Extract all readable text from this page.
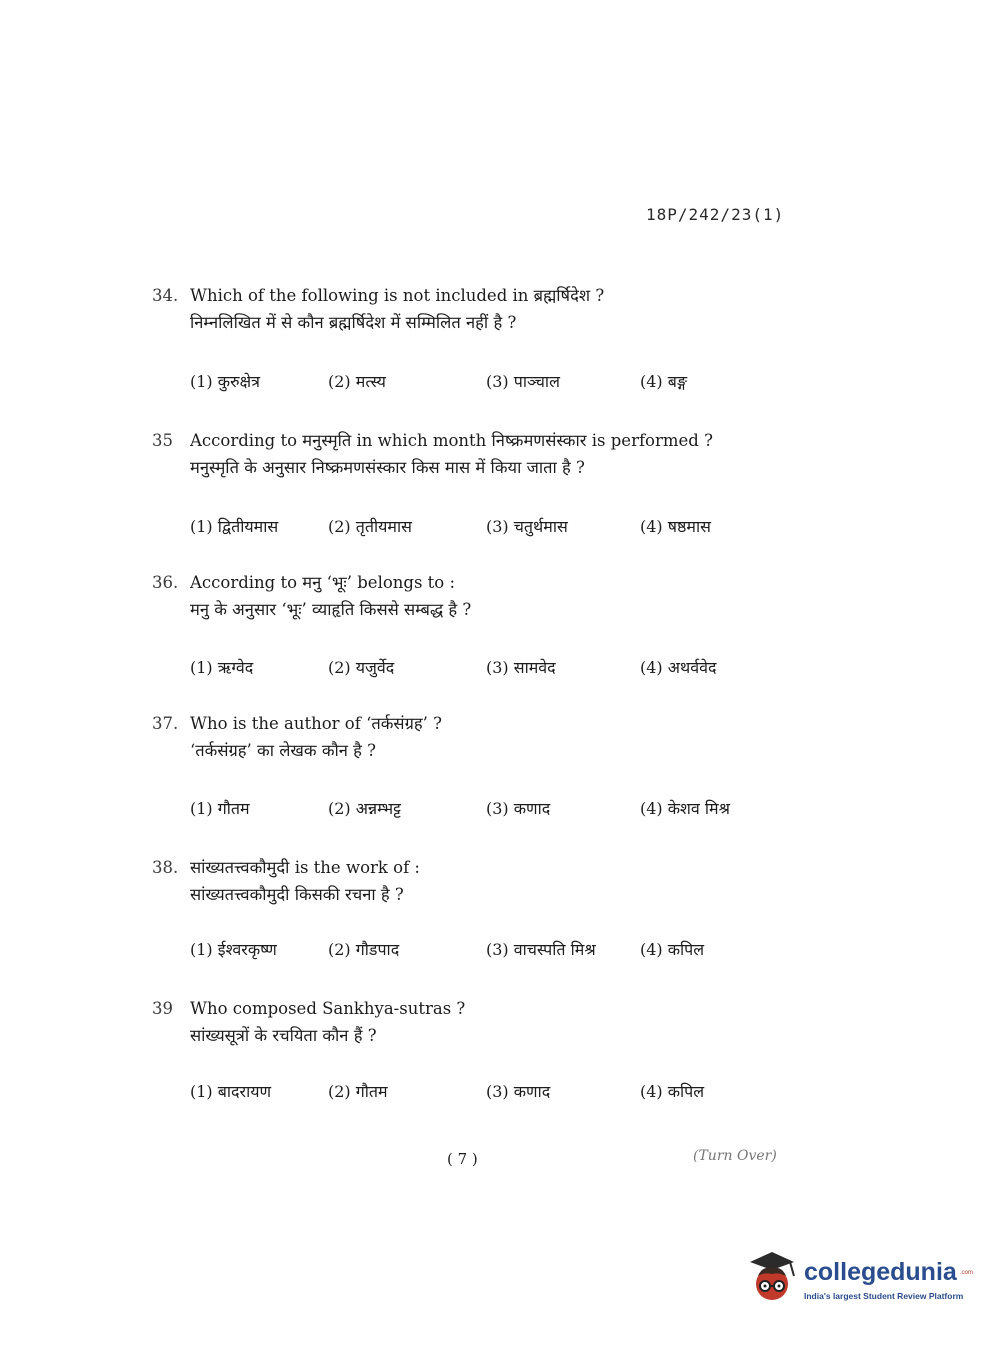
18P/242/23(1)
34. Which of the following is not included in ब्रह्मर्षिदेश ?
निम्नलिखित में से कौन ब्रह्मर्षिदेश में सम्मिलित नहीं है ?
(1) कुरुक्षेत्र	(2) मत्स्य	(3) पाञ्चाल	(4) बङ्ग
35 According to मनुस्मृति in which month निष्क्रमणसंस्कार is performed ?
मनुस्मृति के अनुसार निष्क्रमणसंस्कार किस मास में किया जाता है ?
(1) द्वितीयमास	(2) तृतीयमास	(3) चतुर्थमास	(4) षष्ठमास
36. According to मनु ‘भूः’ belongs to :
मनु के अनुसार ‘भूः’ व्याहृति किससे सम्बद्ध है ?
(1) ऋग्वेद	(2) यजुर्वेद	(3) सामवेद	(4) अथर्ववेद
37. Who is the author of ‘तर्कसंग्रह’ ?
‘तर्कसंग्रह’ का लेखक कौन है ?
(1) गौतम	(2) अन्नम्भट्ट	(3) कणाद	(4) केशव मिश्र
38. सांख्यतत्त्वकौमुदी is the work of :
सांख्यतत्त्वकौमुदी किसकी रचना है ?
(1) ईश्वरकृष्ण	(2) गौडपाद	(3) वाचस्पति मिश्र	(4) कपिल
39 Who composed Sankhya-sutras ?
सांख्यसूत्रों के रचयिता कौन हैं ?
(1) बादरायण	(2) गौतम	(3) कणाद	(4) कपिल
( 7 )	(Turn Over)
collegedunia .com
India's largest Student Review Platform
